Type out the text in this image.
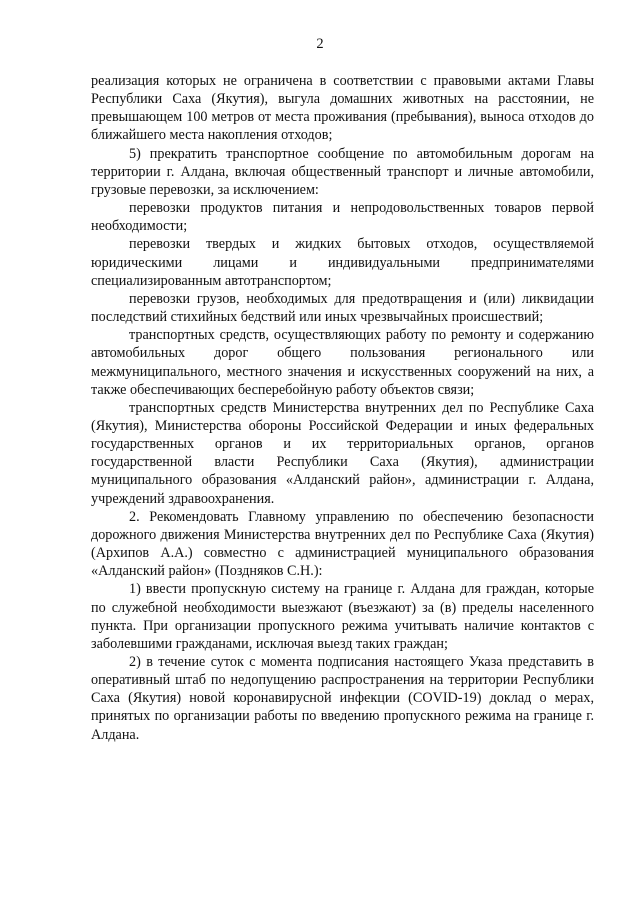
2

реализация которых не ограничена в соответствии с правовыми актами Главы Республики Саха (Якутия), выгула домашних животных на расстоянии, не превышающем 100 метров от места проживания (пребывания), выноса отходов до ближайшего места накопления отходов;

5) прекратить транспортное сообщение по автомобильным дорогам на территории г. Алдана, включая общественный транспорт и личные автомобили, грузовые перевозки, за исключением:

перевозки продуктов питания и непродовольственных товаров первой необходимости;

перевозки твердых и жидких бытовых отходов, осуществляемой юридическими лицами и индивидуальными предпринимателями специализированным автотранспортом;

перевозки грузов, необходимых для предотвращения и (или) ликвидации последствий стихийных бедствий или иных чрезвычайных происшествий;

транспортных средств, осуществляющих работу по ремонту и содержанию автомобильных дорог общего пользования регионального или межмуниципального, местного значения и искусственных сооружений на них, а также обеспечивающих бесперебойную работу объектов связи;

транспортных средств Министерства внутренних дел по Республике Саха (Якутия), Министерства обороны Российской Федерации и иных федеральных государственных органов и их территориальных органов, органов государственной власти Республики Саха (Якутия), администрации муниципального образования «Алданский район», администрации г. Алдана, учреждений здравоохранения.

2. Рекомендовать Главному управлению по обеспечению безопасности дорожного движения Министерства внутренних дел по Республике Саха (Якутия) (Архипов А.А.) совместно с администрацией муниципального образования «Алданский район» (Поздняков С.Н.):

1) ввести пропускную систему на границе г. Алдана для граждан, которые по служебной необходимости выезжают (въезжают) за (в) пределы населенного пункта. При организации пропускного режима учитывать наличие контактов с заболевшими гражданами, исключая выезд таких граждан;

2) в течение суток с момента подписания настоящего Указа представить в оперативный штаб по недопущению распространения на территории Республики Саха (Якутия) новой коронавирусной инфекции (COVID-19) доклад о мерах, принятых по организации работы по введению пропускного режима на границе г. Алдана.
